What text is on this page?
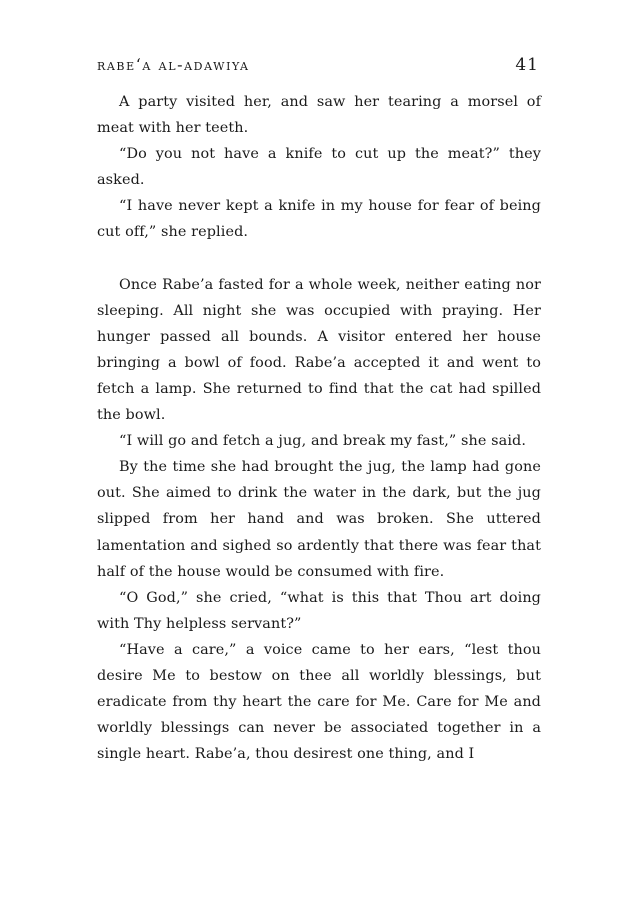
rabe‘a al-adawiya	41

A party visited her, and saw her tearing a morsel of meat with her teeth.

“Do you not have a knife to cut up the meat?” they asked.

“I have never kept a knife in my house for fear of being cut off,” she replied.

Once Rabe’a fasted for a whole week, neither eating nor sleeping. All night she was occupied with praying. Her hunger passed all bounds. A visitor entered her house bringing a bowl of food. Rabe’a accepted it and went to fetch a lamp. She returned to find that the cat had spilled the bowl.

“I will go and fetch a jug, and break my fast,” she said.

By the time she had brought the jug, the lamp had gone out. She aimed to drink the water in the dark, but the jug slipped from her hand and was broken. She uttered lamentation and sighed so ardently that there was fear that half of the house would be consumed with fire.

“O God,” she cried, “what is this that Thou art doing with Thy helpless servant?”

“Have a care,” a voice came to her ears, “lest thou desire Me to bestow on thee all worldly blessings, but eradicate from thy heart the care for Me. Care for Me and worldly blessings can never be associated together in a single heart. Rabe’a, thou desirest one thing, and I
